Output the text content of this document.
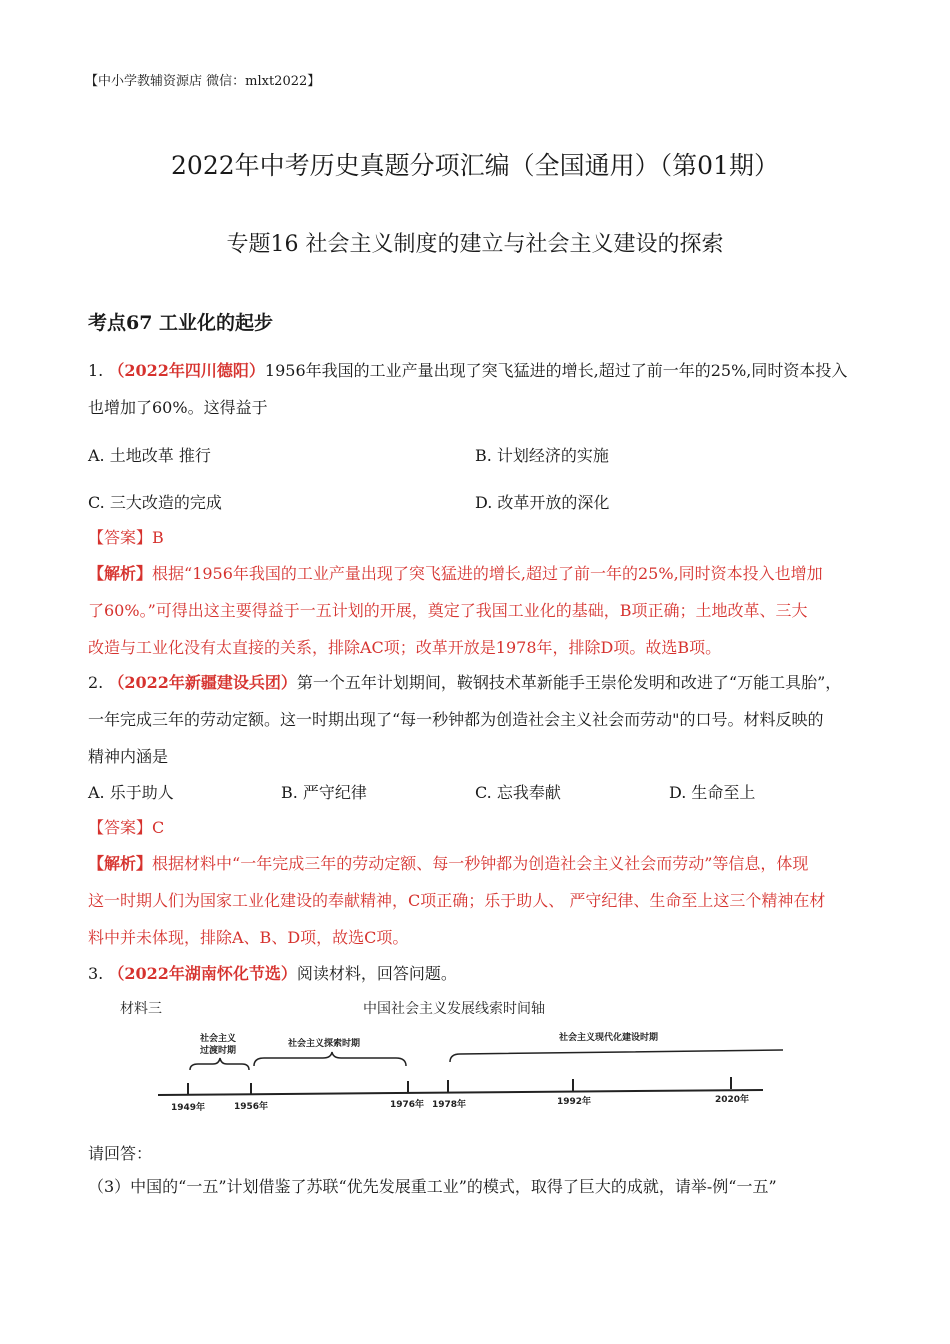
【中小学教辅资源店 微信：mlxt2022】
2022年中考历史真题分项汇编（全国通用）（第01期）
专题16 社会主义制度的建立与社会主义建设的探索
考点67 工业化的起步
1. （2022年四川德阳）1956年我国的工业产量出现了突飞猛进的增长,超过了前一年的25%,同时资本投入
也增加了60%。这得益于
A. 土地改革 推行	B. 计划经济的实施
C. 三大改造的完成	D. 改革开放的深化
【答案】B
【解析】根据“1956年我国的工业产量出现了突飞猛进的增长,超过了前一年的25%,同时资本投入也增加
了60%。”可得出这主要得益于一五计划的开展，奠定了我国工业化的基础，B项正确；土地改革、三大
改造与工业化没有太直接的关系，排除AC项；改革开放是1978年，排除D项。故选B项。
2. （2022年新疆建设兵团）第一个五年计划期间，鞍钢技术革新能手王崇伦发明和改进了“万能工具胎”，
一年完成三年的劳动定额。这一时期出现了“每一秒钟都为创造社会主义社会而劳动"的口号。材料反映的
精神内涵是
A. 乐于助人	B. 严守纪律	C. 忘我奉献	D. 生命至上
【答案】C
【解析】根据材料中“一年完成三年的劳动定额、每一秒钟都为创造社会主义社会而劳动”等信息，体现
这一时期人们为国家工业化建设的奉献精神，C项正确；乐于助人、 严守纪律、生命至上这三个精神在材
料中并未体现，排除A、B、D项，故选C项。
3. （2022年湖南怀化节选）阅读材料，回答问题。
材料三	中国社会主义发展线索时间轴
社会主义
过渡时期
社会主义探索时期
社会主义现代化建设时期
1949年	1956年	1976年 1978年	1992年	2020年
请回答：
（3）中国的“一五”计划借鉴了苏联“优先发展重工业”的模式，取得了巨大的成就，请举-例“一五”
